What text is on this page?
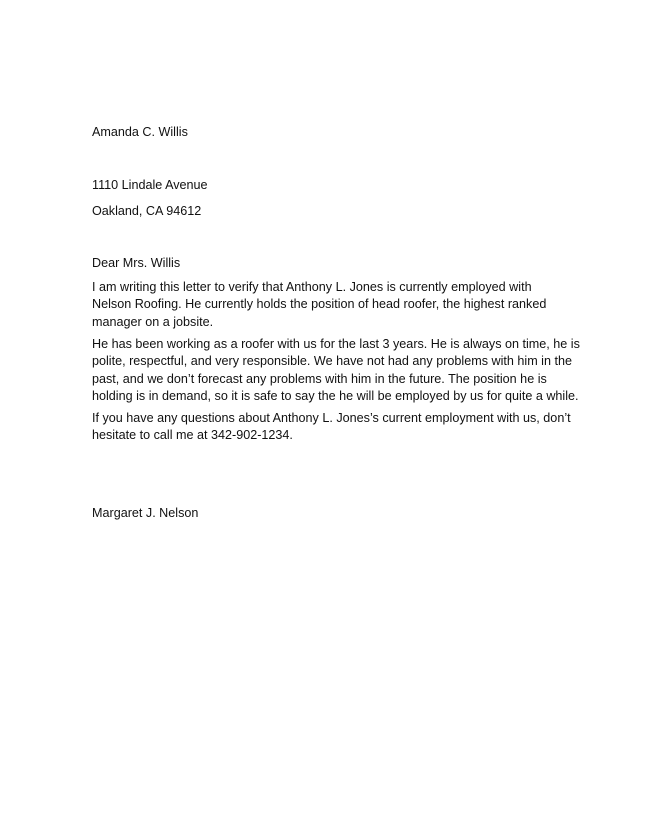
Amanda C. Willis
1110 Lindale Avenue
Oakland, CA 94612
Dear Mrs. Willis
I am writing this letter to verify that Anthony L. Jones is currently employed with
Nelson Roofing. He currently holds the position of head roofer, the highest ranked
manager on a jobsite.
He has been working as a roofer with us for the last 3 years. He is always on time, he is
polite, respectful, and very responsible. We have not had any problems with him in the
past, and we don’t forecast any problems with him in the future. The position he is
holding is in demand, so it is safe to say the he will be employed by us for quite a while.
If you have any questions about Anthony L. Jones’s current employment with us, don’t
hesitate to call me at 342-902-1234.
Margaret J. Nelson
